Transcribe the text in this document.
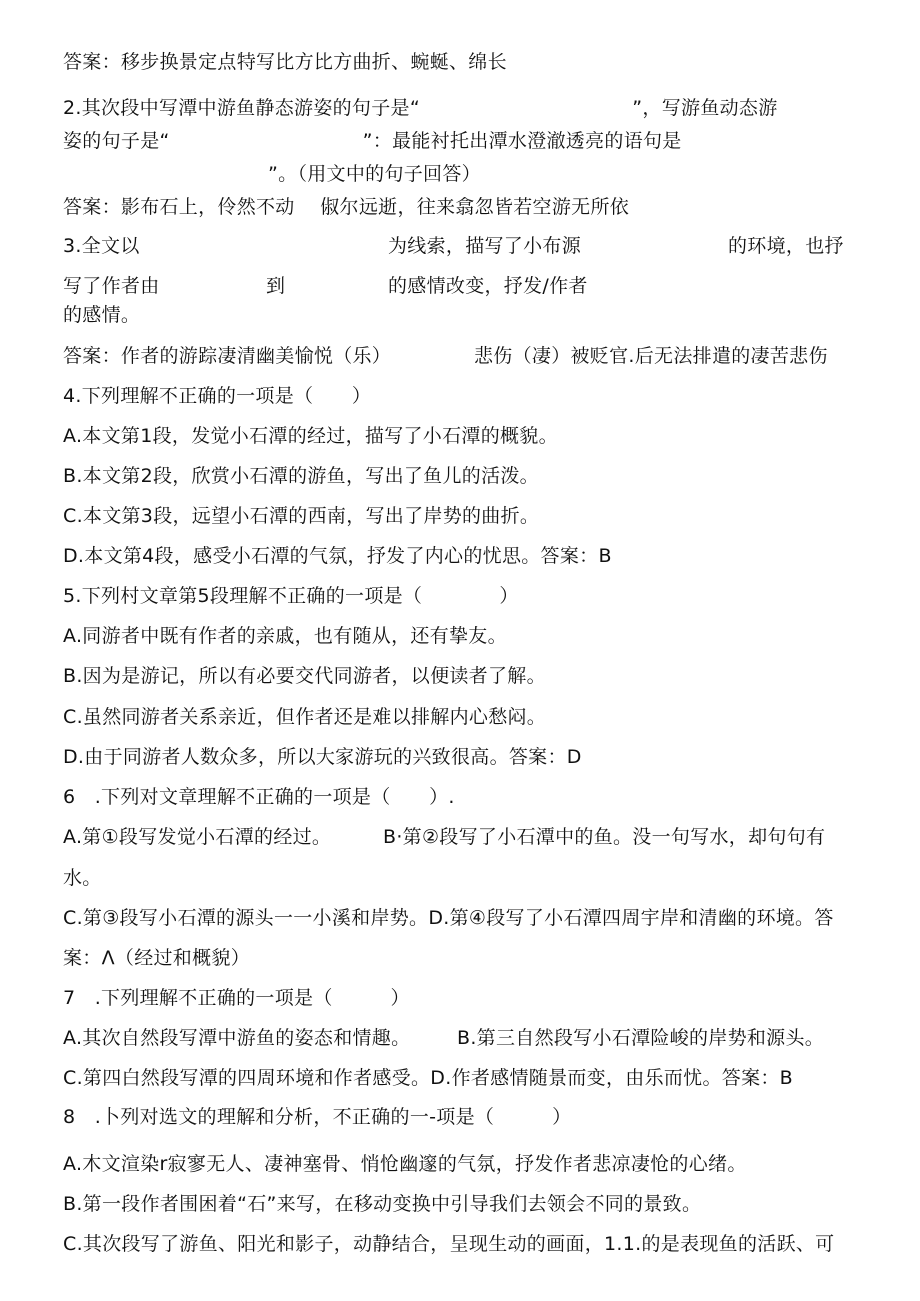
答案：移步换景定点特写比方比方曲折、蜿蜒、绵长
2.其次段中写潭中游鱼静态游姿的句子是“　　　　　　　　　　　”，写游鱼动态游
姿的句子是“　　　　　　　　　　”：最能衬托出潭水澄澈透亮的语句是
”。（用文中的句子回答）
答案：影布石上，伶然不动　 俶尔远逝，往来翕忽皆若空游无所依
3.全文以	为线索，描写了小布源	的环境，也抒
写了作者由	到	的感情改变，抒发/作者
的感情。
答案：作者的游踪凄清幽美愉悦（乐）	悲伤（凄）被贬官.后无法排遣的凄苦悲伤
4.下列理解不正确的一项是（　　）
A.本文第1段，发觉小石潭的经过，描写了小石潭的概貌。
B.本文第2段，欣赏小石潭的游鱼，写出了鱼儿的活泼。
C.本文第3段，远望小石潭的西南，写出了岸势的曲折。
D.本文第4段，感受小石潭的气氛，抒发了内心的忧思。答案：B
5.下列村文章第5段理解不正确的一项是（　　　　）
A.同游者中既有作者的亲戚，也有随从，还有挚友。
B.因为是游记，所以有必要交代同游者，以便读者了解。
C.虽然同游者关系亲近，但作者还是难以排解内心愁闷。
D.由于同游者人数众多，所以大家游玩的兴致很高。答案：D
6　.下列对文章理解不正确的一项是（　　）.
A.第①段写发觉小石潭的经过。	B·第②段写了小石潭中的鱼。没一句写水，却句句有
水。
C.第③段写小石潭的源头一一小溪和岸势。D.第④段写了小石潭四周宇岸和清幽的环境。答
案：Λ（经过和概貌）
7　.下列理解不正确的一项是（　　　）
A.其次自然段写潭中游鱼的姿态和情趣。 B.第三自然段写小石潭险峻的岸势和源头。
C.第四白然段写潭的四周环境和作者感受。D.作者感情随景而变，由乐而忧。答案：B
8　.卜列对选文的理解和分析，不正确的一-项是（　　　）
A.木文渲染r寂寥无人、凄神塞骨、悄怆幽邃的气氛，抒发作者悲凉凄怆的心绪。
B.第一段作者围困着“石”来写，在移动变换中引导我们去领会不同的景致。
C.其次段写了游鱼、阳光和影子，动静结合，呈现生动的画面，1.1.的是表现鱼的活跃、可
